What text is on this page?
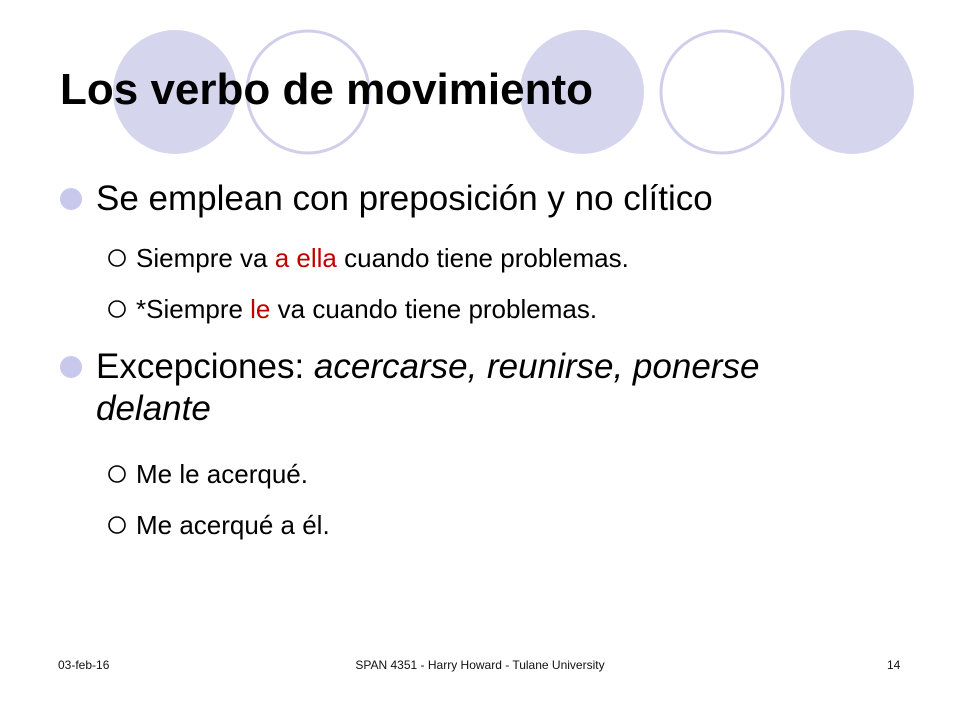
Los verbo de movimiento
Se emplean con preposición y no clítico
Siempre va a ella cuando tiene problemas.
*Siempre le va cuando tiene problemas.
Excepciones: acercarse, reunirse, ponerse
delante
Me le acerqué.
Me acerqué a él.
03-feb-16	SPAN 4351 - Harry Howard - Tulane University	14
